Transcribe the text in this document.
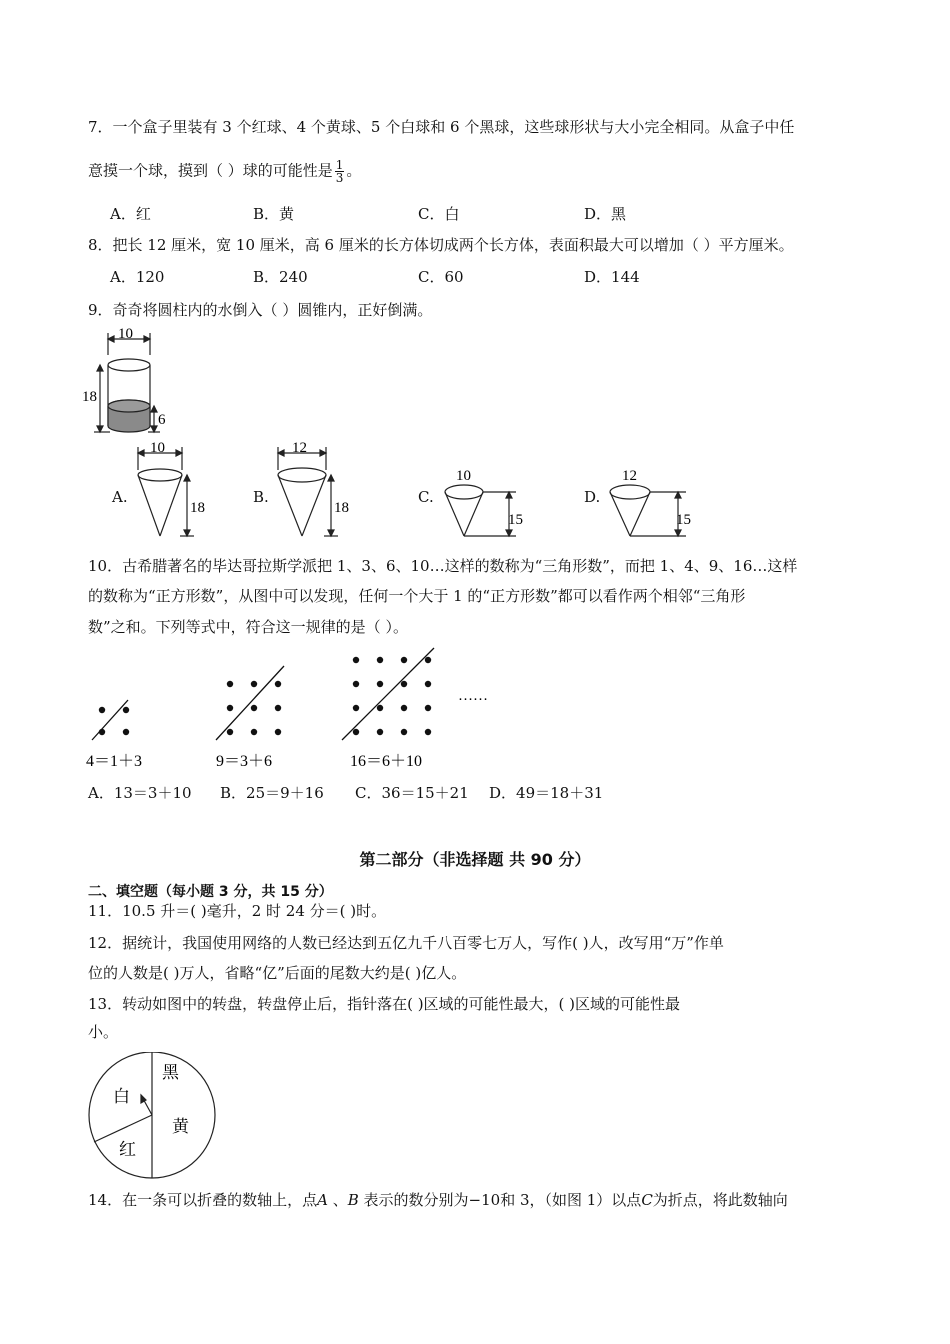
7．一个盒子里装有 3 个红球、4 个黄球、5 个白球和 6 个黑球，这些球形状与大小完全相同。从盒子中任
意摸一个球，摸到（ ）球的可能性是 $\frac{1}{3}$ 。
A．红	B．黄	C．白	D．黑
8．把长 12 厘米，宽 10 厘米，高 6 厘米的长方体切成两个长方体，表面积最大可以增加（ ）平方厘米。
A．120	B．240	C．60	D．144
9．奇奇将圆柱内的水倒入（ ）圆锥内，正好倒满。
10
18
6
A.
10
18
B.
12
18
C.
10
15
D.
12
15
10．古希腊著名的毕达哥拉斯学派把 1、3、6、10…这样的数称为“三角形数”，而把 1、4、9、16…这样
的数称为“正方形数”，从图中可以发现，任何一个大于 1 的“正方形数”都可以看作两个相邻“三角形
数”之和。下列等式中，符合这一规律的是（ ）。
……
4＝1＋3	9＝3＋6	16＝6＋10
A．13＝3＋10 B．25＝9＋16 C．36＝15＋21 D．49＝18＋31
第二部分（非选择题 共 90 分）
二、填空题（每小题 3 分，共 15 分）
11．10.5 升＝( )毫升，2 时 24 分＝( )时。
12．据统计，我国使用网络的人数已经达到五亿九千八百零七万人，写作( )人，改写用“万”作单
位的人数是( )万人，省略“亿”后面的尾数大约是( )亿人。
13．转动如图中的转盘，转盘停止后，指针落在( )区域的可能性最大，( )区域的可能性最
小。
黑
白
黄
红
14．在一条可以折叠的数轴上，点A 、B 表示的数分别为−10和 3，（如图 1）以点C为折点，将此数轴向
